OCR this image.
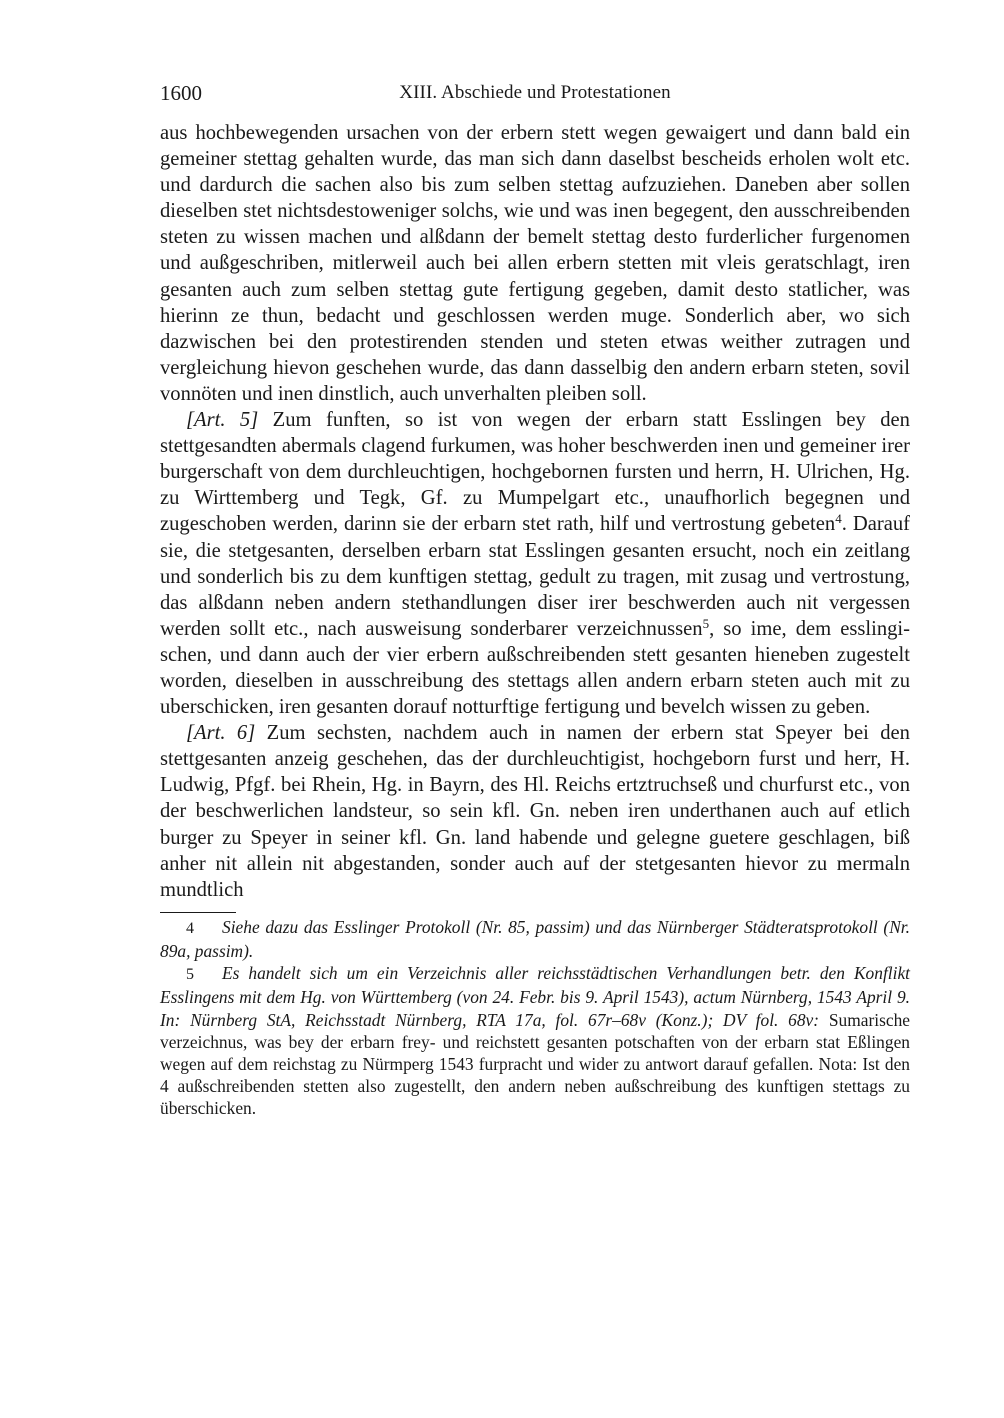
1600	XIII. Abschiede und Protestationen

aus hochbewegenden ursachen von der erbern stett wegen gewaigert und dann bald ein gemeiner stettag gehalten wurde, das man sich dann daselbst bescheids erholen wolt etc. und dardurch die sachen also bis zum selben stettag aufzuziehen. Daneben aber sollen dieselben stet nichtsdestoweniger solchs, wie und was inen begegent, den ausschreibenden steten zu wissen machen und alßdann der bemelt stettag desto furderlicher furgenomen und außgeschriben, mitlerweil auch bei allen erbern stetten mit vleis geratschlagt, iren gesanten auch zum selben stettag gute fertigung gegeben, damit desto statlicher, was hierinn ze thun, bedacht und geschlossen werden muge. Sonderlich aber, wo sich dazwischen bei den protestirenden stenden und steten etwas weither zutragen und vergleichung hievon geschehen wurde, das dann dasselbig den andern erbarn steten, sovil vonnöten und inen dinstlich, auch unverhalten pleiben soll.

[Art. 5] Zum funften, so ist von wegen der erbarn statt Esslingen bey den stettgesandten abermals clagend furkumen, was hoher beschwerden inen und gemeiner irer burgerschaft von dem durchleuchtigen, hochgebornen fursten und herrn, H. Ulrichen, Hg. zu Wirttemberg und Tegk, Gf. zu Mumpelgart etc., unaufhorlich begegnen und zugeschoben werden, darinn sie der erbarn stet rath, hilf und vertrostung gebeten$^4$. Darauf sie, die stetgesanten, derselben erbarn stat Esslingen gesanten ersucht, noch ein zeitlang und sonderlich bis zu dem kunftigen stettag, gedult zu tragen, mit zusag und vertrostung, das alßdann neben andern stethandlungen diser irer beschwerden auch nit vergessen werden sollt etc., nach ausweisung sonderbarer verzeichnussen$^5$, so ime, dem esslingischen, und dann auch der vier erbern außschreibenden stett gesanten hieneben zugestelt worden, dieselben in ausschreibung des stettags allen andern erbarn steten auch mit zu uberschicken, iren gesanten dorauf notturftige fertigung und bevelch wissen zu geben.

[Art. 6] Zum sechsten, nachdem auch in namen der erbern stat Speyer bei den stettgesanten anzeig geschehen, das der durchleuchtigist, hochgeborn furst und herr, H. Ludwig, Pfgf. bei Rhein, Hg. in Bayrn, des Hl. Reichs ertztruchseß und churfurst etc., von der beschwerlichen landsteur, so sein kfl. Gn. neben iren underthanen auch auf etlich burger zu Speyer in seiner kfl. Gn. land habende und gelegne guetere geschlagen, biß anher nit allein nit abgestanden, sonder auch auf der stetgesanten hievor zu mermaln mundtlich

4 Siehe dazu das Esslinger Protokoll (Nr. 85, passim) und das Nürnberger Städteratsprotokoll (Nr. 89a, passim).

5 Es handelt sich um ein Verzeichnis aller reichsstädtischen Verhandlungen betr. den Konflikt Esslingens mit dem Hg. von Württemberg (von 24. Febr. bis 9. April 1543), actum Nürnberg, 1543 April 9. In: Nürnberg StA, Reichsstadt Nürnberg, RTA 17a, fol. 67r–68v (Konz.); DV fol. 68v: Sumarische verzeichnus, was bey der erbarn frey- und reichstett gesanten potschaften von der erbarn stat Eßlingen wegen auf dem reichstag zu Nürmperg 1543 furpracht und wider zu antwort darauf gefallen. Nota: Ist den 4 außschreibenden stetten also zugestellt, den andern neben außschreibung des kunftigen stettags zu überschicken.
